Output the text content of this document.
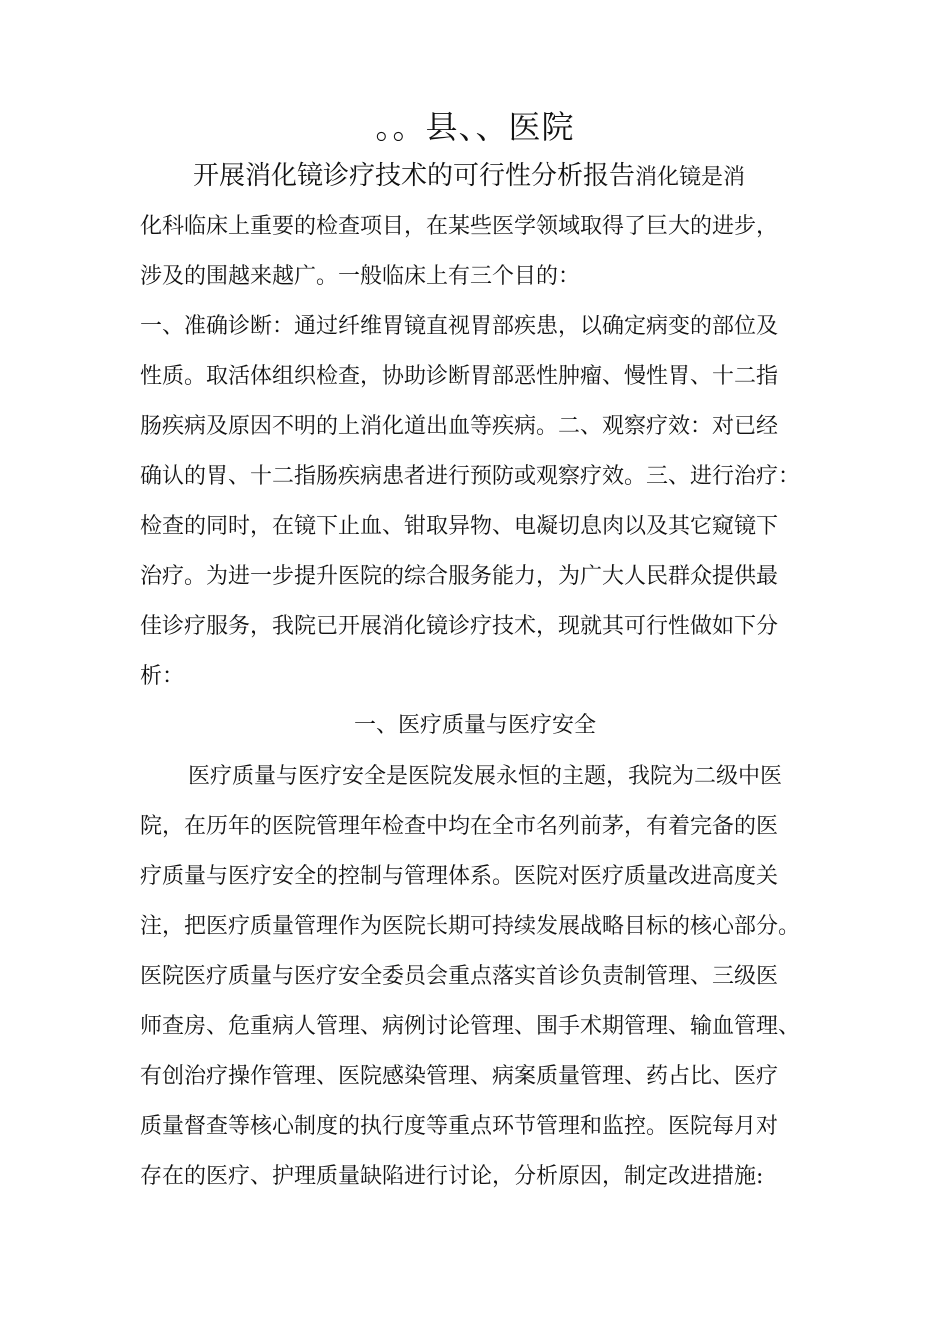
。。县、、医院
开展消化镜诊疗技术的可行性分析报告消化镜是消
化科临床上重要的检查项目，在某些医学领域取得了巨大的进步，
涉及的围越来越广。一般临床上有三个目的：
一、准确诊断：通过纤维胃镜直视胃部疾患，以确定病变的部位及
性质。取活体组织检查，协助诊断胃部恶性肿瘤、慢性胃、十二指
肠疾病及原因不明的上消化道出血等疾病。二、观察疗效：对已经
确认的胃、十二指肠疾病患者进行预防或观察疗效。三、进行治疗：
检查的同时，在镜下止血、钳取异物、电凝切息肉以及其它窥镜下
治疗。为进一步提升医院的综合服务能力，为广大人民群众提供最
佳诊疗服务，我院已开展消化镜诊疗技术，现就其可行性做如下分
析：
一、医疗质量与医疗安全
医疗质量与医疗安全是医院发展永恒的主题，我院为二级中医
院，在历年的医院管理年检查中均在全市名列前茅，有着完备的医
疗质量与医疗安全的控制与管理体系。医院对医疗质量改进高度关
注，把医疗质量管理作为医院长期可持续发展战略目标的核心部分。
医院医疗质量与医疗安全委员会重点落实首诊负责制管理、三级医
师查房、危重病人管理、病例讨论管理、围手术期管理、输血管理、
有创治疗操作管理、医院感染管理、病案质量管理、药占比、医疗
质量督查等核心制度的执行度等重点环节管理和监控。医院每月对
存在的医疗、护理质量缺陷进行讨论，分析原因，制定改进措施:
